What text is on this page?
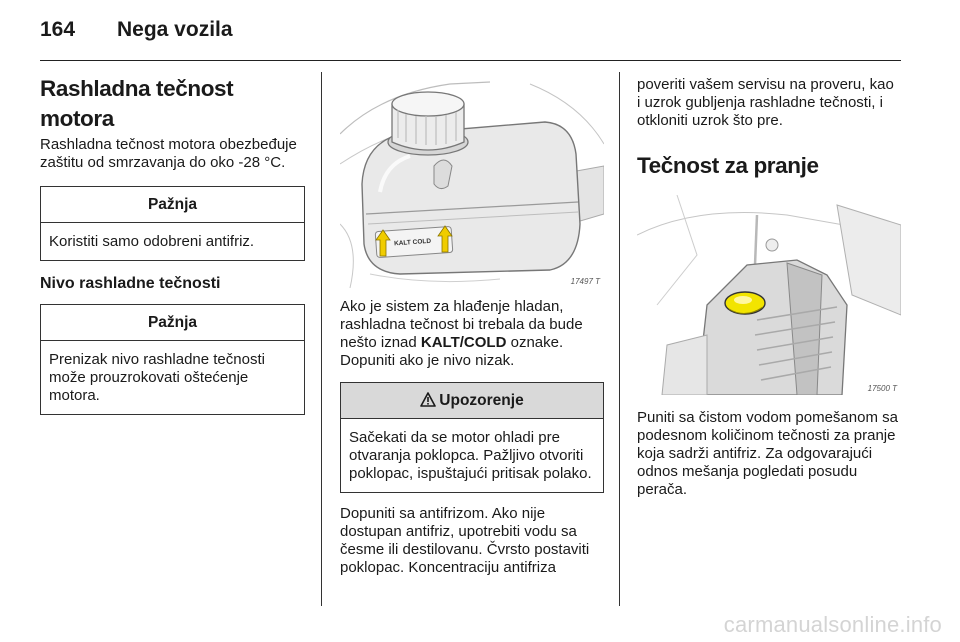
164	Nega vozila
Rashladna tečnost motora

Rashladna tečnost motora obezbeđuje zaštitu od smrzavanja do oko -28 °C.

Pažnja
Koristiti samo odobreni antifriz.
Nivo rashladne tečnosti
Pažnja
Prenizak nivo rashladne tečnosti može prouzrokovati oštećenje motora.
KALT COLD
17497 T

Ako je sistem za hlađenje hladan, rashladna tečnost bi trebala da bude nešto iznad KALT/COLD oznake. Dopuniti ako je nivo nizak.

Upozorenje
Sačekati da se motor ohladi pre otvaranja poklopca. Pažljivo otvoriti poklopac, ispuštajući pritisak polako.

Dopuniti sa antifrizom. Ako nije dostupan antifriz, upotrebiti vodu sa česme ili destilovanu. Čvrsto postaviti poklopac. Koncentraciju antifriza

poveriti vašem servisu na proveru, kao i uzrok gubljenja rashladne tečnosti, i otkloniti uzrok što pre.

Tečnost za pranje
17500 T

Puniti sa čistom vodom pomešanom sa podesnom količinom tečnosti za pranje koja sadrži antifriz. Za odgovarajući odnos mešanja pogledati posudu perača.

carmanualsonline.info
